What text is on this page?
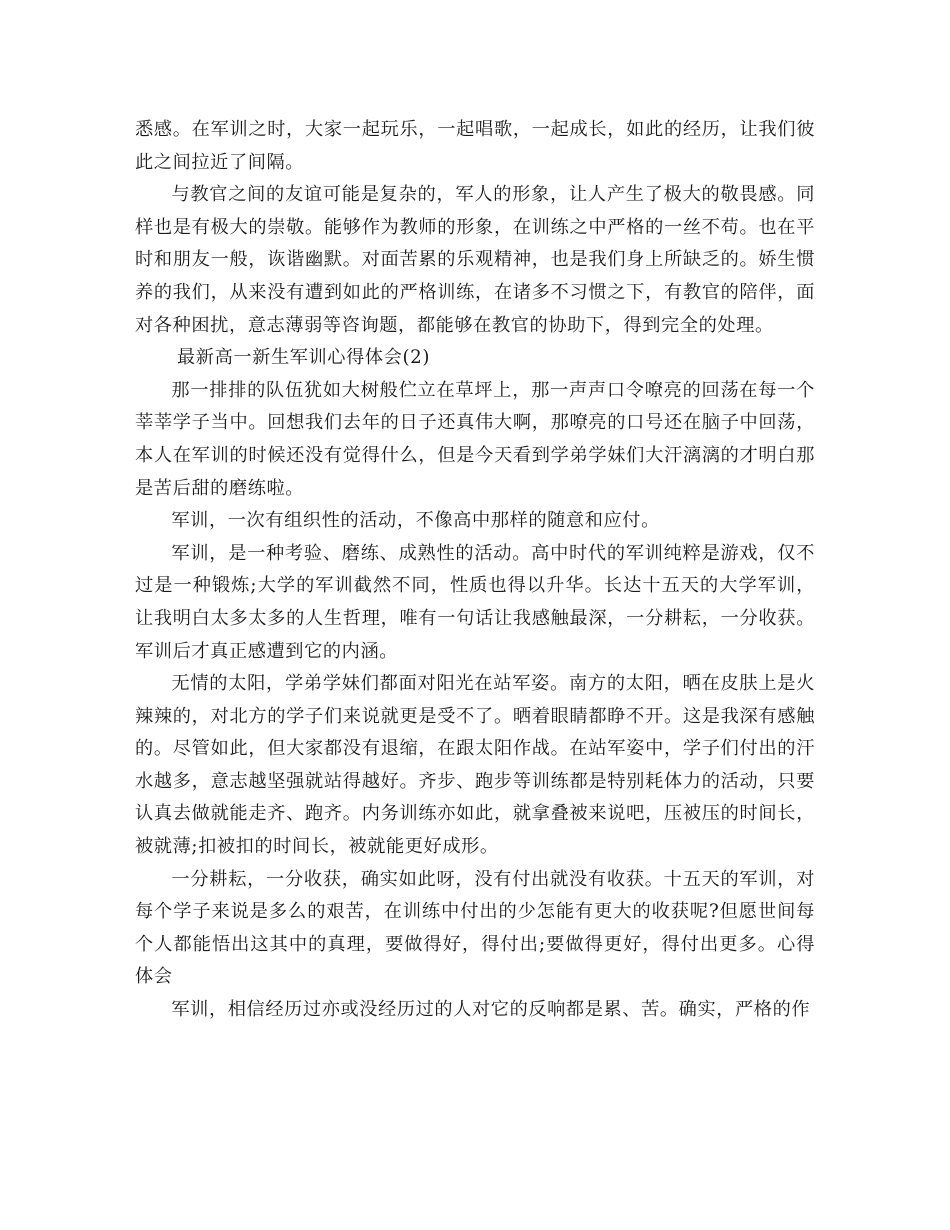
悉感。在军训之时，大家一起玩乐，一起唱歌，一起成长，如此的经历，让我们彼此之间拉近了间隔。

与教官之间的友谊可能是复杂的，军人的形象，让人产生了极大的敬畏感。同样也是有极大的崇敬。能够作为教师的形象，在训练之中严格的一丝不苟。也在平时和朋友一般，诙谐幽默。对面苦累的乐观精神，也是我们身上所缺乏的。娇生惯养的我们，从来没有遭到如此的严格训练，在诸多不习惯之下，有教官的陪伴，面对各种困扰，意志薄弱等咨询题，都能够在教官的协助下，得到完全的处理。

最新高一新生军训心得体会(2)

那一排排的队伍犹如大树般伫立在草坪上，那一声声口令嘹亮的回荡在每一个莘莘学子当中。回想我们去年的日子还真伟大啊，那嘹亮的口号还在脑子中回荡，本人在军训的时候还没有觉得什么，但是今天看到学弟学妹们大汗漓漓的才明白那是苦后甜的磨练啦。

军训，一次有组织性的活动，不像高中那样的随意和应付。

军训，是一种考验、磨练、成熟性的活动。高中时代的军训纯粹是游戏，仅不过是一种锻炼;大学的军训截然不同，性质也得以升华。长达十五天的大学军训，让我明白太多太多的人生哲理，唯有一句话让我感触最深，一分耕耘，一分收获。军训后才真正感遭到它的内涵。

无情的太阳，学弟学妹们都面对阳光在站军姿。南方的太阳，晒在皮肤上是火辣辣的，对北方的学子们来说就更是受不了。晒着眼睛都睁不开。这是我深有感触的。尽管如此，但大家都没有退缩，在跟太阳作战。在站军姿中，学子们付出的汗水越多，意志越坚强就站得越好。齐步、跑步等训练都是特别耗体力的活动，只要认真去做就能走齐、跑齐。内务训练亦如此，就拿叠被来说吧，压被压的时间长，被就薄;扣被扣的时间长，被就能更好成形。

一分耕耘，一分收获，确实如此呀，没有付出就没有收获。十五天的军训，对每个学子来说是多么的艰苦，在训练中付出的少怎能有更大的收获呢?但愿世间每个人都能悟出这其中的真理，要做得好，得付出;要做得更好，得付出更多。心得体会

军训，相信经历过亦或没经历过的人对它的反响都是累、苦。确实，严格的作
